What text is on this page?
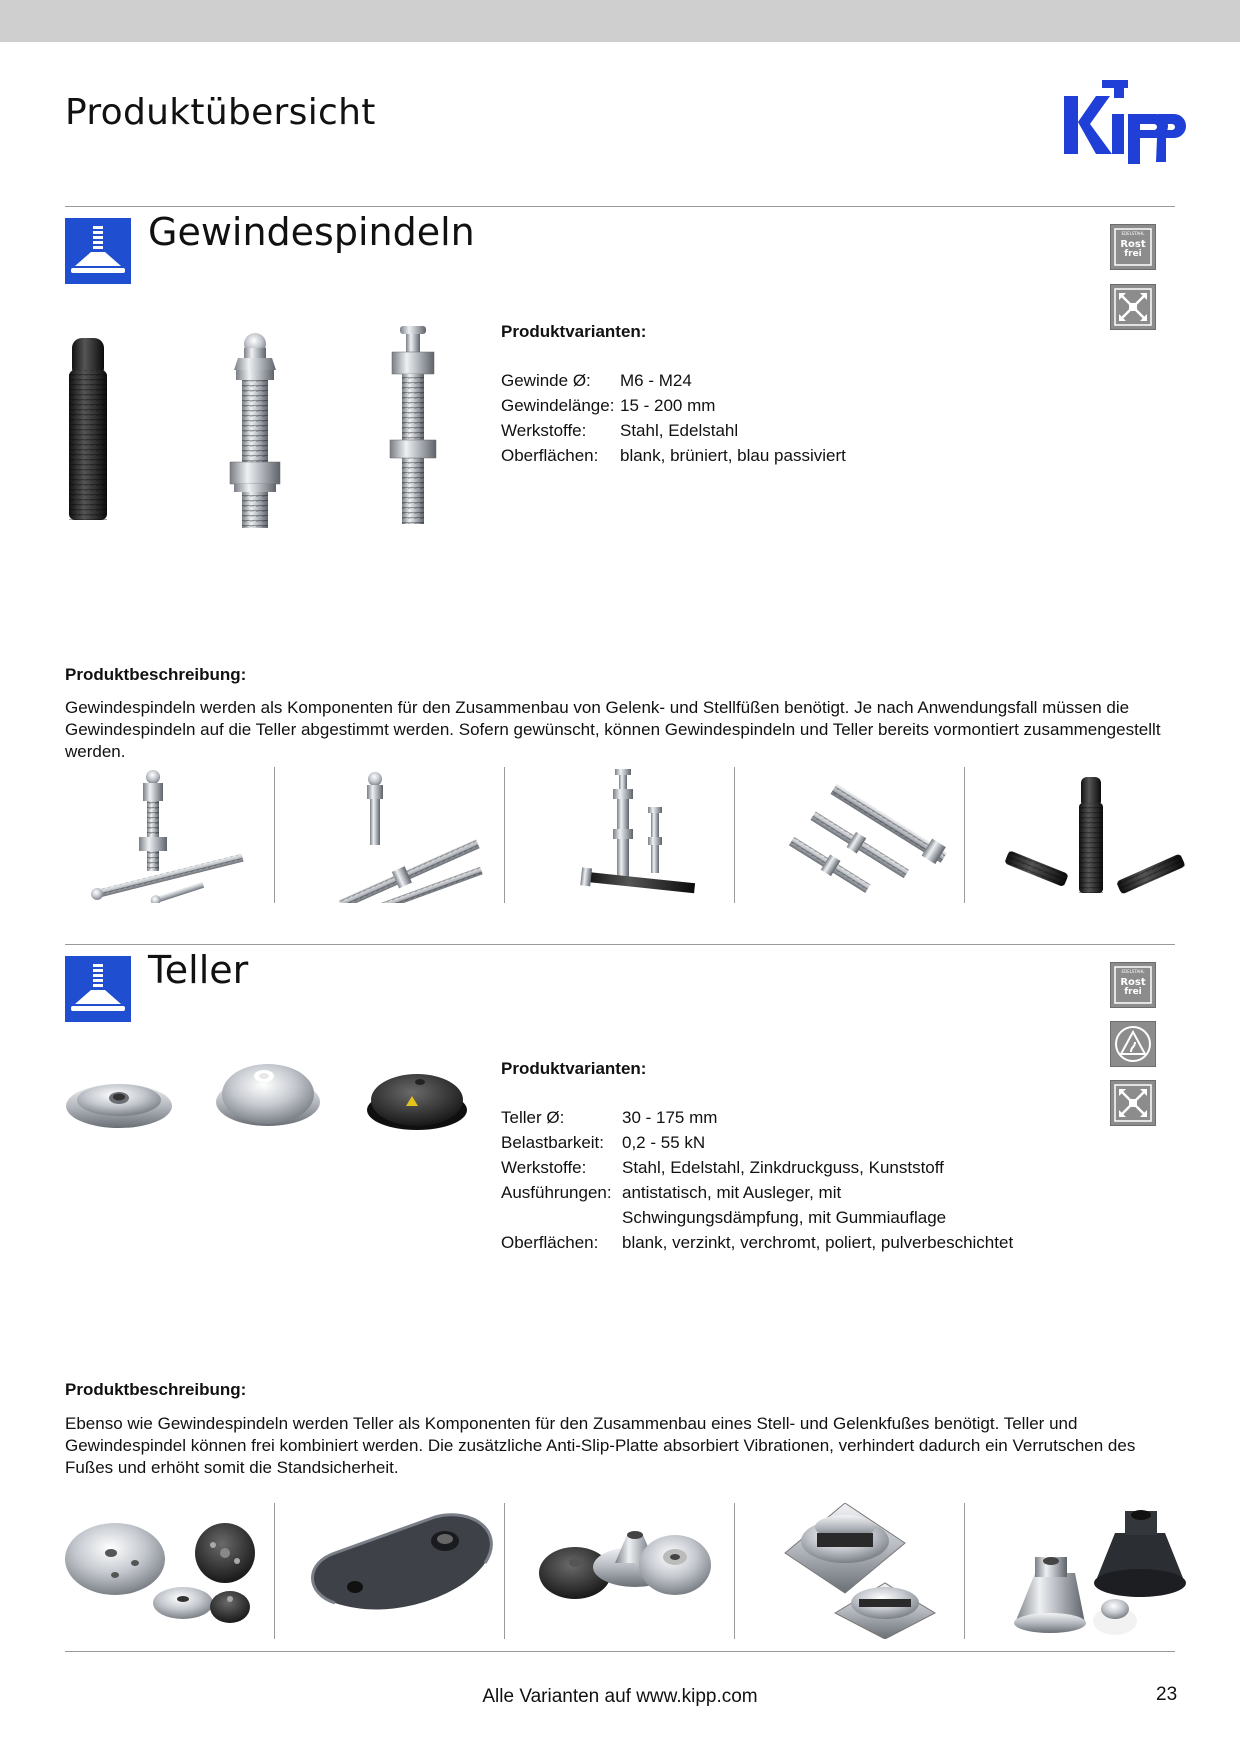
Produktübersicht
Gewindespindeln	EDELSTAHL
Rost
frei
Produktvarianten:
Gewinde Ø:	M6 - M24
Gewindelänge: 15 - 200 mm
Werkstoffe:	Stahl, Edelstahl
Oberflächen:	blank, brüniert, blau passiviert
Produktbeschreibung:
Gewindespindeln werden als Komponenten für den Zusammenbau von Gelenk- und Stellfüßen benötigt. Je nach Anwendungsfall müssen die Gewindespindeln auf die Teller abgestimmt werden. Sofern gewünscht, können Gewindespindeln und Teller bereits vormontiert zusammengestellt werden.
Teller	EDELSTAHL
Rost
frei
Produktvarianten:
Teller Ø:	30 - 175 mm
Belastbarkeit:	0,2 - 55 kN
Werkstoffe:	Stahl, Edelstahl, Zinkdruckguss, Kunststoff
Ausführungen: antistatisch, mit Ausleger, mit Schwingungsdämpfung, mit Gummiauflage
Oberflächen:	blank, verzinkt, verchromt, poliert, pulverbeschichtet
Produktbeschreibung:
Ebenso wie Gewindespindeln werden Teller als Komponenten für den Zusammenbau eines Stell- und Gelenkfußes benötigt. Teller und Gewindespindel können frei kombiniert werden. Die zusätzliche Anti-Slip-Platte absorbiert Vibrationen, verhindert dadurch ein Verrutschen des Fußes und erhöht somit die Standsicherheit.
Alle Varianten auf www.kipp.com	23
